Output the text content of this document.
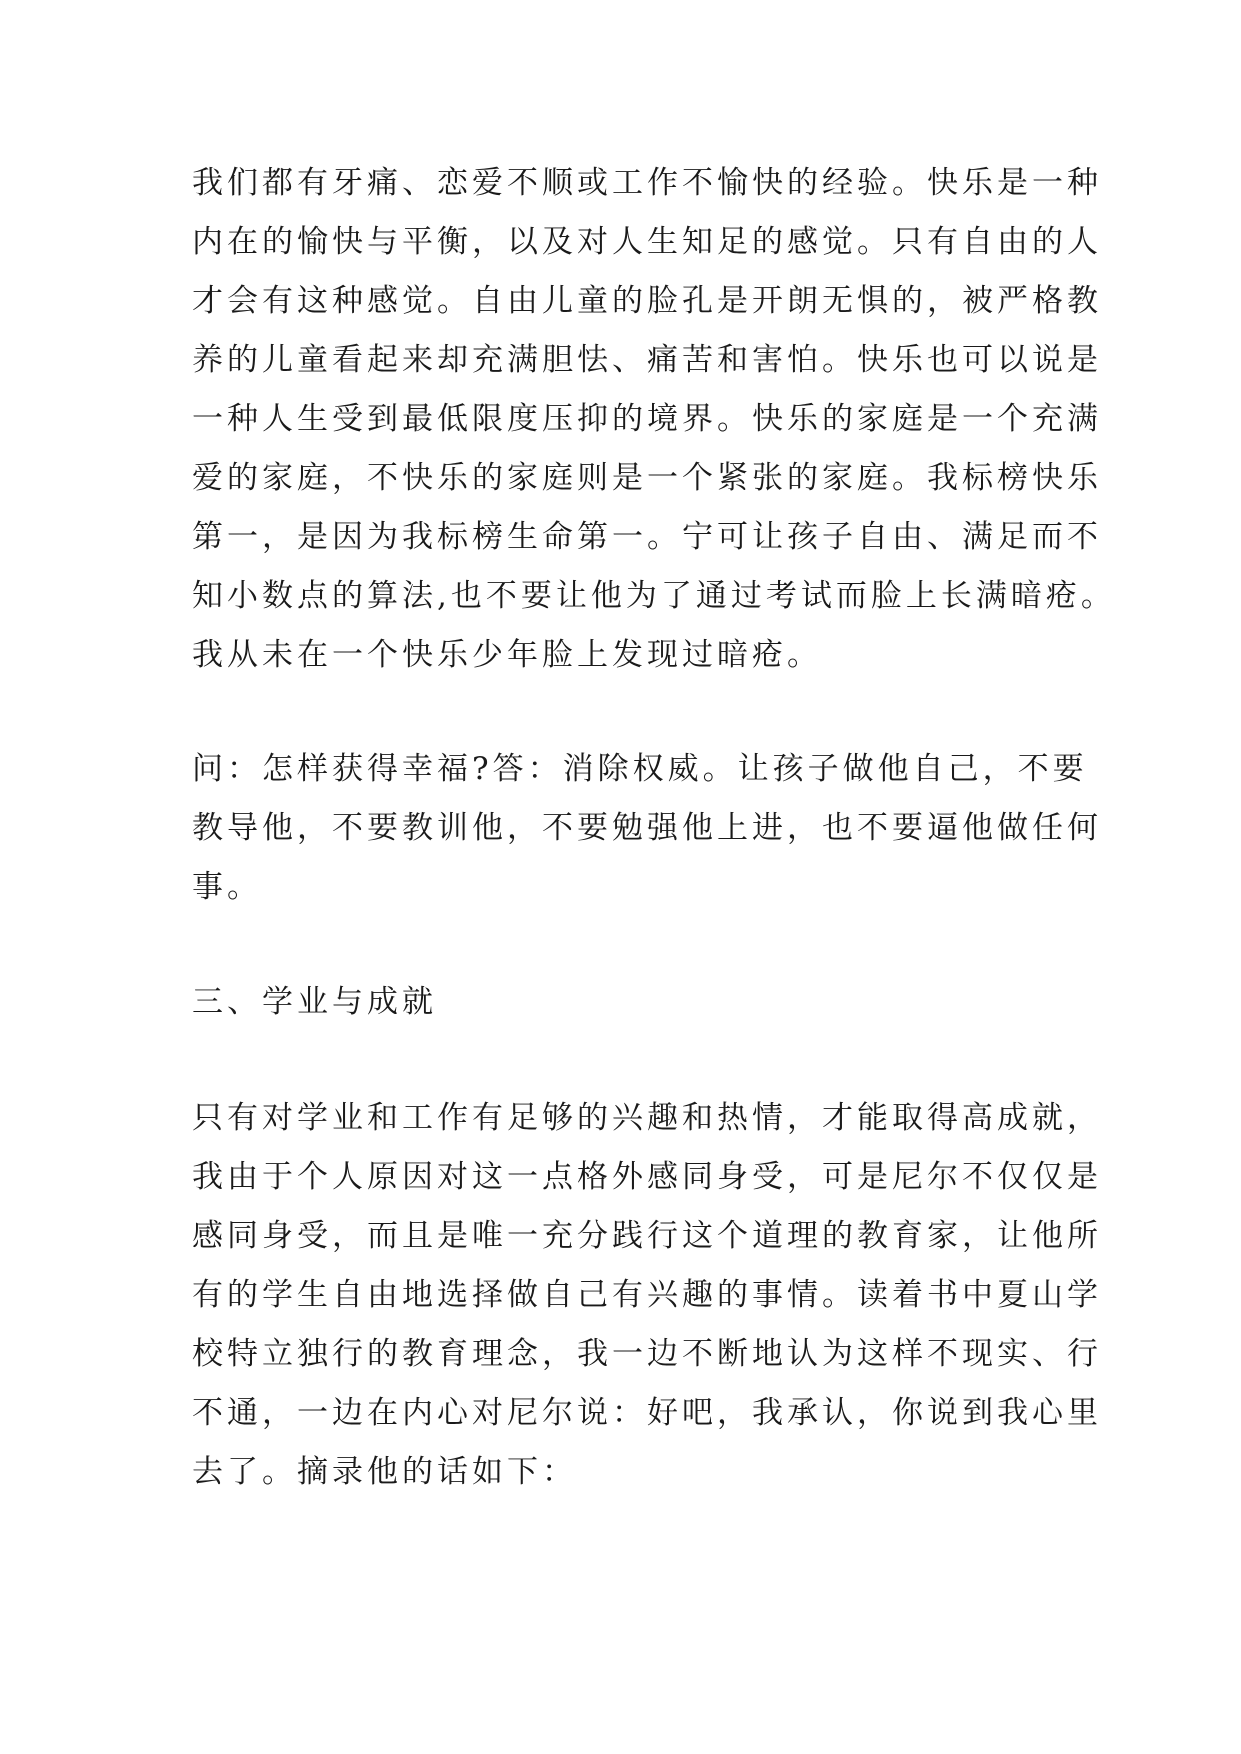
我们都有牙痛、恋爱不顺或工作不愉快的经验。快乐是一种
内在的愉快与平衡，以及对人生知足的感觉。只有自由的人
才会有这种感觉。自由儿童的脸孔是开朗无惧的，被严格教
养的儿童看起来却充满胆怯、痛苦和害怕。快乐也可以说是
一种人生受到最低限度压抑的境界。快乐的家庭是一个充满
爱的家庭，不快乐的家庭则是一个紧张的家庭。我标榜快乐
第一，是因为我标榜生命第一。宁可让孩子自由、满足而不
知小数点的算法,也不要让他为了通过考试而脸上长满暗疮。
我从未在一个快乐少年脸上发现过暗疮。
问：怎样获得幸福?答：消除权威。让孩子做他自己，不要
教导他，不要教训他，不要勉强他上进，也不要逼他做任何
事。
三、学业与成就
只有对学业和工作有足够的兴趣和热情，才能取得高成就，
我由于个人原因对这一点格外感同身受，可是尼尔不仅仅是
感同身受，而且是唯一充分践行这个道理的教育家，让他所
有的学生自由地选择做自己有兴趣的事情。读着书中夏山学
校特立独行的教育理念，我一边不断地认为这样不现实、行
不通，一边在内心对尼尔说：好吧，我承认，你说到我心里
去了。摘录他的话如下：
